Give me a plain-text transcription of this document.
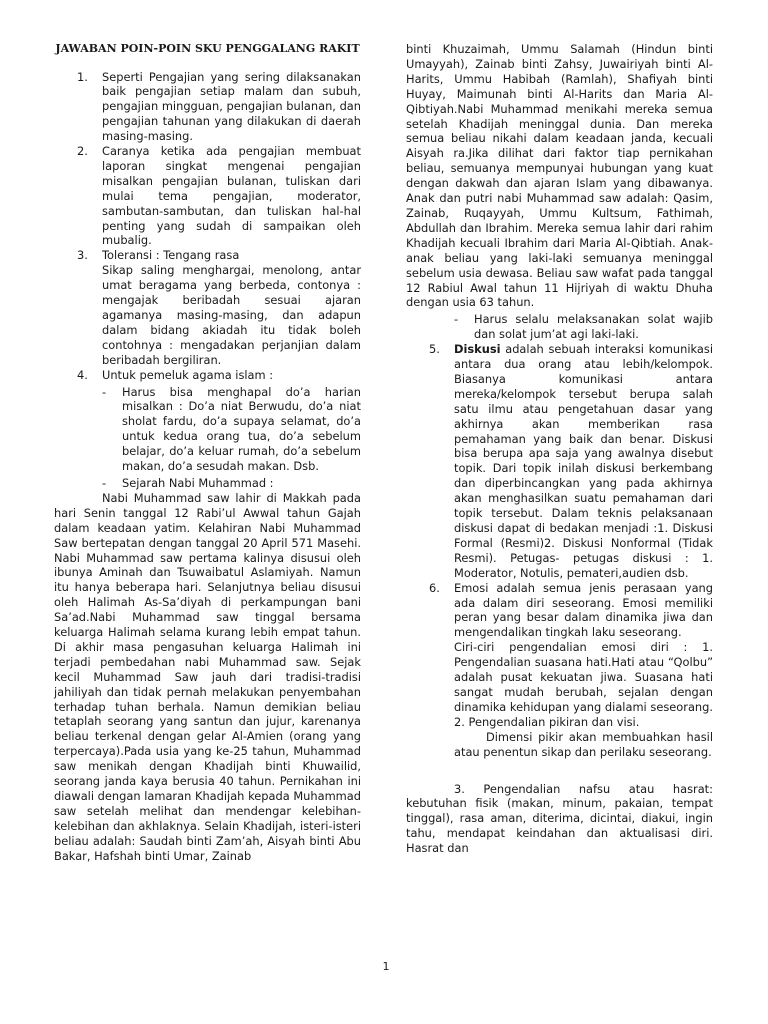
JAWABAN POIN-POIN SKU PENGGALANG RAKIT
1. Seperti Pengajian yang sering dilaksanakan baik pengajian setiap malam dan subuh, pengajian mingguan, pengajian bulanan, dan pengajian tahunan yang dilakukan di daerah masing-masing.
2. Caranya ketika ada pengajian membuat laporan singkat mengenai pengajian misalkan pengajian bulanan, tuliskan dari mulai tema pengajian, moderator, sambutan-sambutan, dan tuliskan hal-hal penting yang sudah di sampaikan oleh mubalig.
3. Toleransi : Tengang rasa
Sikap saling menghargai, menolong, antar umat beragama yang berbeda, contonya : mengajak beribadah sesuai ajaran agamanya masing-masing, dan adapun dalam bidang akiadah itu tidak boleh contohnya : mengadakan perjanjian dalam beribadah bergiliran.
4. Untuk pemeluk agama islam :
- Harus bisa menghapal do’a harian misalkan : Do’a niat Berwudu, do’a niat sholat fardu, do’a supaya selamat, do’a untuk kedua orang tua, do’a sebelum belajar, do’a keluar rumah, do’a sebelum makan, do’a sesudah makan. Dsb.
- Sejarah Nabi Muhammad :
Nabi Muhammad saw lahir di Makkah pada hari Senin tanggal 12 Rabi’ul Awwal tahun Gajah dalam keadaan yatim. Kelahiran Nabi Muhammad Saw bertepatan dengan tanggal 20 April 571 Masehi. Nabi Muhammad saw pertama kalinya disusui oleh ibunya Aminah dan Tsuwaibatul Aslamiyah. Namun itu hanya beberapa hari. Selanjutnya beliau disusui oleh Halimah As-Sa’diyah di perkampungan bani Sa’ad.Nabi Muhammad saw tinggal bersama keluarga Halimah selama kurang lebih empat tahun. Di akhir masa pengasuhan keluarga Halimah ini terjadi pembedahan nabi Muhammad saw. Sejak kecil Muhammad Saw jauh dari tradisi-tradisi jahiliyah dan tidak pernah melakukan penyembahan terhadap tuhan berhala. Namun demikian beliau tetaplah seorang yang santun dan jujur, karenanya beliau terkenal dengan gelar Al-Amien (orang yang terpercaya).Pada usia yang ke-25 tahun, Muhammad saw menikah dengan Khadijah binti Khuwailid, seorang janda kaya berusia 40 tahun. Pernikahan ini diawali dengan lamaran Khadijah kepada Muhammad saw setelah melihat dan mendengar kelebihan-kelebihan dan akhlaknya. Selain Khadijah, isteri-isteri beliau adalah: Saudah binti Zam’ah, Aisyah binti Abu Bakar, Hafshah binti Umar, Zainab
binti Khuzaimah, Ummu Salamah (Hindun binti Umayyah), Zainab binti Zahsy, Juwairiyah binti Al-Harits, Ummu Habibah (Ramlah), Shafiyah binti Huyay, Maimunah binti Al-Harits dan Maria Al-Qibtiyah.Nabi Muhammad menikahi mereka semua setelah Khadijah meninggal dunia. Dan mereka semua beliau nikahi dalam keadaan janda, kecuali Aisyah ra.Jika dilihat dari faktor tiap pernikahan beliau, semuanya mempunyai hubungan yang kuat dengan dakwah dan ajaran Islam yang dibawanya. Anak dan putri nabi Muhammad saw adalah: Qasim, Zainab, Ruqayyah, Ummu Kultsum, Fathimah, Abdullah dan Ibrahim. Mereka semua lahir dari rahim Khadijah kecuali Ibrahim dari Maria Al-Qibtiah. Anak-anak beliau yang laki-laki semuanya meninggal sebelum usia dewasa. Beliau saw wafat pada tanggal 12 Rabiul Awal tahun 11 Hijriyah di waktu Dhuha dengan usia 63 tahun.
- Harus selalu melaksanakan solat wajib dan solat jum’at agi laki-laki.
5. Diskusi adalah sebuah interaksi komunikasi antara dua orang atau lebih/kelompok. Biasanya komunikasi antara mereka/kelompok tersebut berupa salah satu ilmu atau pengetahuan dasar yang akhirnya akan memberikan rasa pemahaman yang baik dan benar. Diskusi bisa berupa apa saja yang awalnya disebut topik. Dari topik inilah diskusi berkembang dan diperbincangkan yang pada akhirnya akan menghasilkan suatu pemahaman dari topik tersebut. Dalam teknis pelaksanaan diskusi dapat di bedakan menjadi :1. Diskusi Formal (Resmi)2. Diskusi Nonformal (Tidak Resmi). Petugas- petugas diskusi : 1. Moderator, Notulis, pemateri,audien dsb.
6. Emosi adalah semua jenis perasaan yang ada dalam diri seseorang. Emosi memiliki peran yang besar dalam dinamika jiwa dan mengendalikan tingkah laku seseorang.
Ciri-ciri pengendalian emosi diri : 1. Pengendalian suasana hati.Hati atau “Qolbu” adalah pusat kekuatan jiwa. Suasana hati sangat mudah berubah, sejalan dengan dinamika kehidupan yang dialami seseorang. 2. Pengendalian pikiran dan visi.
Dimensi pikir akan membuahkan hasil atau penentun sikap dan perilaku seseorang.
3. Pengendalian nafsu atau hasrat: kebutuhan fisik (makan, minum, pakaian, tempat tinggal), rasa aman, diterima, dicintai, diakui, ingin tahu, mendapat keindahan dan aktualisasi diri. Hasrat dan
1
